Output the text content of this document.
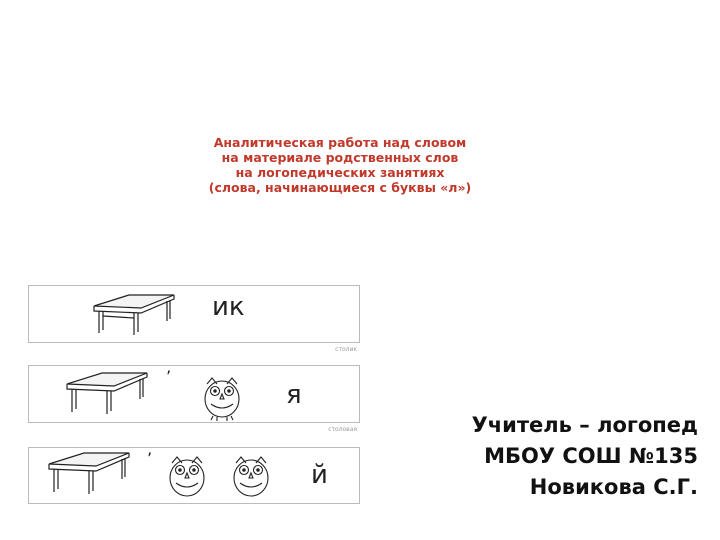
Аналитическая работа над словом
на материале родственных слов
на логопедических занятиях
(слова, начинающиеся с буквы «л»)
ик
столик
’
я
столовая
’
й
Учитель – логопед
МБОУ СОШ №135
Новикова С.Г.
